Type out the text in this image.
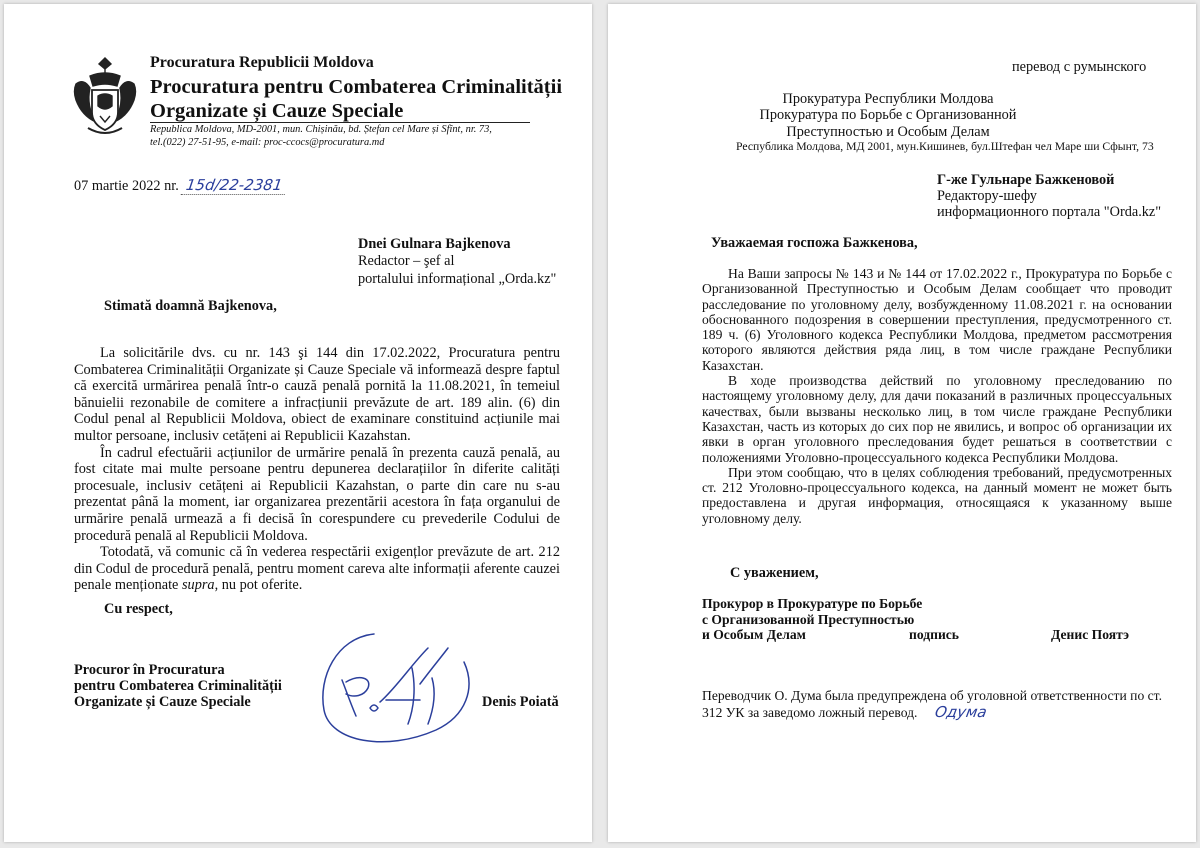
Procuratura Republicii Moldova
Procuratura pentru Combaterea Criminalității Organizate și Cauze Speciale
Republica Moldova, MD-2001, mun. Chișinău, bd. Ștefan cel Mare și Sfînt, nr. 73,
tel.(022) 27-51-95, e-mail: proc-ccocs@procuratura.md
07 martie 2022 nr. 15d/22-2381
Dnei Gulnara Bajkenova
Redactor – şef al
portalului informațional „Orda.kz"
Stimată doamnă Bajkenova,

La solicitările dvs. cu nr. 143 şi 144 din 17.02.2022, Procuratura pentru Combaterea Criminalității Organizate și Cauze Speciale vă informează despre faptul că exercită urmărirea penală într-o cauză penală pornită la 11.08.2021, în temeiul bănuielii rezonabile de comitere a infracțiunii prevăzute de art. 189 alin. (6) din Codul penal al Republicii Moldova, obiect de examinare constituind acțiunile mai multor persoane, inclusiv cetățeni ai Republicii Kazahstan.

În cadrul efectuării acțiunilor de urmărire penală în prezenta cauză penală, au fost citate mai multe persoane pentru depunerea declarațiilor în diferite calități procesuale, inclusiv cetățeni ai Republicii Kazahstan, o parte din care nu s-au prezentat până la moment, iar organizarea prezentării acestora în fața organului de urmărire penală urmează a fi decisă în corespundere cu prevederile Codului de procedură penală al Republicii Moldova.

Totodată, vă comunic că în vederea respectării exigențlor prevăzute de art. 212 din Codul de procedură penală, pentru moment careva alte informații aferente cauzei penale menționate supra, nu pot oferite.

Cu respect,
Procuror în Procuratura
pentru Combaterea Criminalității
Organizate și Cauze Speciale	Denis Poiată
перевод с румынского
Прокуратура Республики Молдова
Прокуратура по Борьбе с Организованной
Преступностью и Особым Делам
Республика Молдова, МД 2001, мун.Кишинев, бул.Штефан чел Маре ши Сфынт, 73
Г-же Гульнаре Бажкеновой
Редактору-шефу
информационного портала "Orda.kz"
Уважаемая госпожа Бажкенова,

На Ваши запросы № 143 и № 144 от 17.02.2022 г., Прокуратура по Борьбе с Организованной Преступностью и Особым Делам сообщает что проводит расследование по уголовному делу, возбужденному 11.08.2021 г. на основании обоснованного подозрения в совершении преступления, предусмотренного ст. 189 ч. (6) Уголовного кодекса Республики Молдова, предметом рассмотрения которого являются действия ряда лиц, в том числе граждане Республики Казахстан.

В ходе производства действий по уголовному преследованию по настоящему уголовному делу, для дачи показаний в различных процессуальных качествах, были вызваны несколько лиц, в том числе граждане Республики Казахстан, часть из которых до сих пор не явились, и вопрос об организации их явки в орган уголовного преследования будет решаться в соответствии с положениями Уголовно-процессуального кодекса Республики Молдова.

При этом сообщаю, что в целях соблюдения требований, предусмотренных ст. 212 Уголовно-процессуального кодекса, на данный момент не может быть предоставлена и другая информация, относящаяся к указанному выше уголовному делу.

С уважением,
Прокурор в Прокуратуре по Борьбе
с Организованной Преступностью
и Особым Делам	подпись	Денис Поятэ
Переводчик О. Дума была предупреждена об уголовной ответственности по ст. 312 УК за заведомо ложный перевод. Одума
